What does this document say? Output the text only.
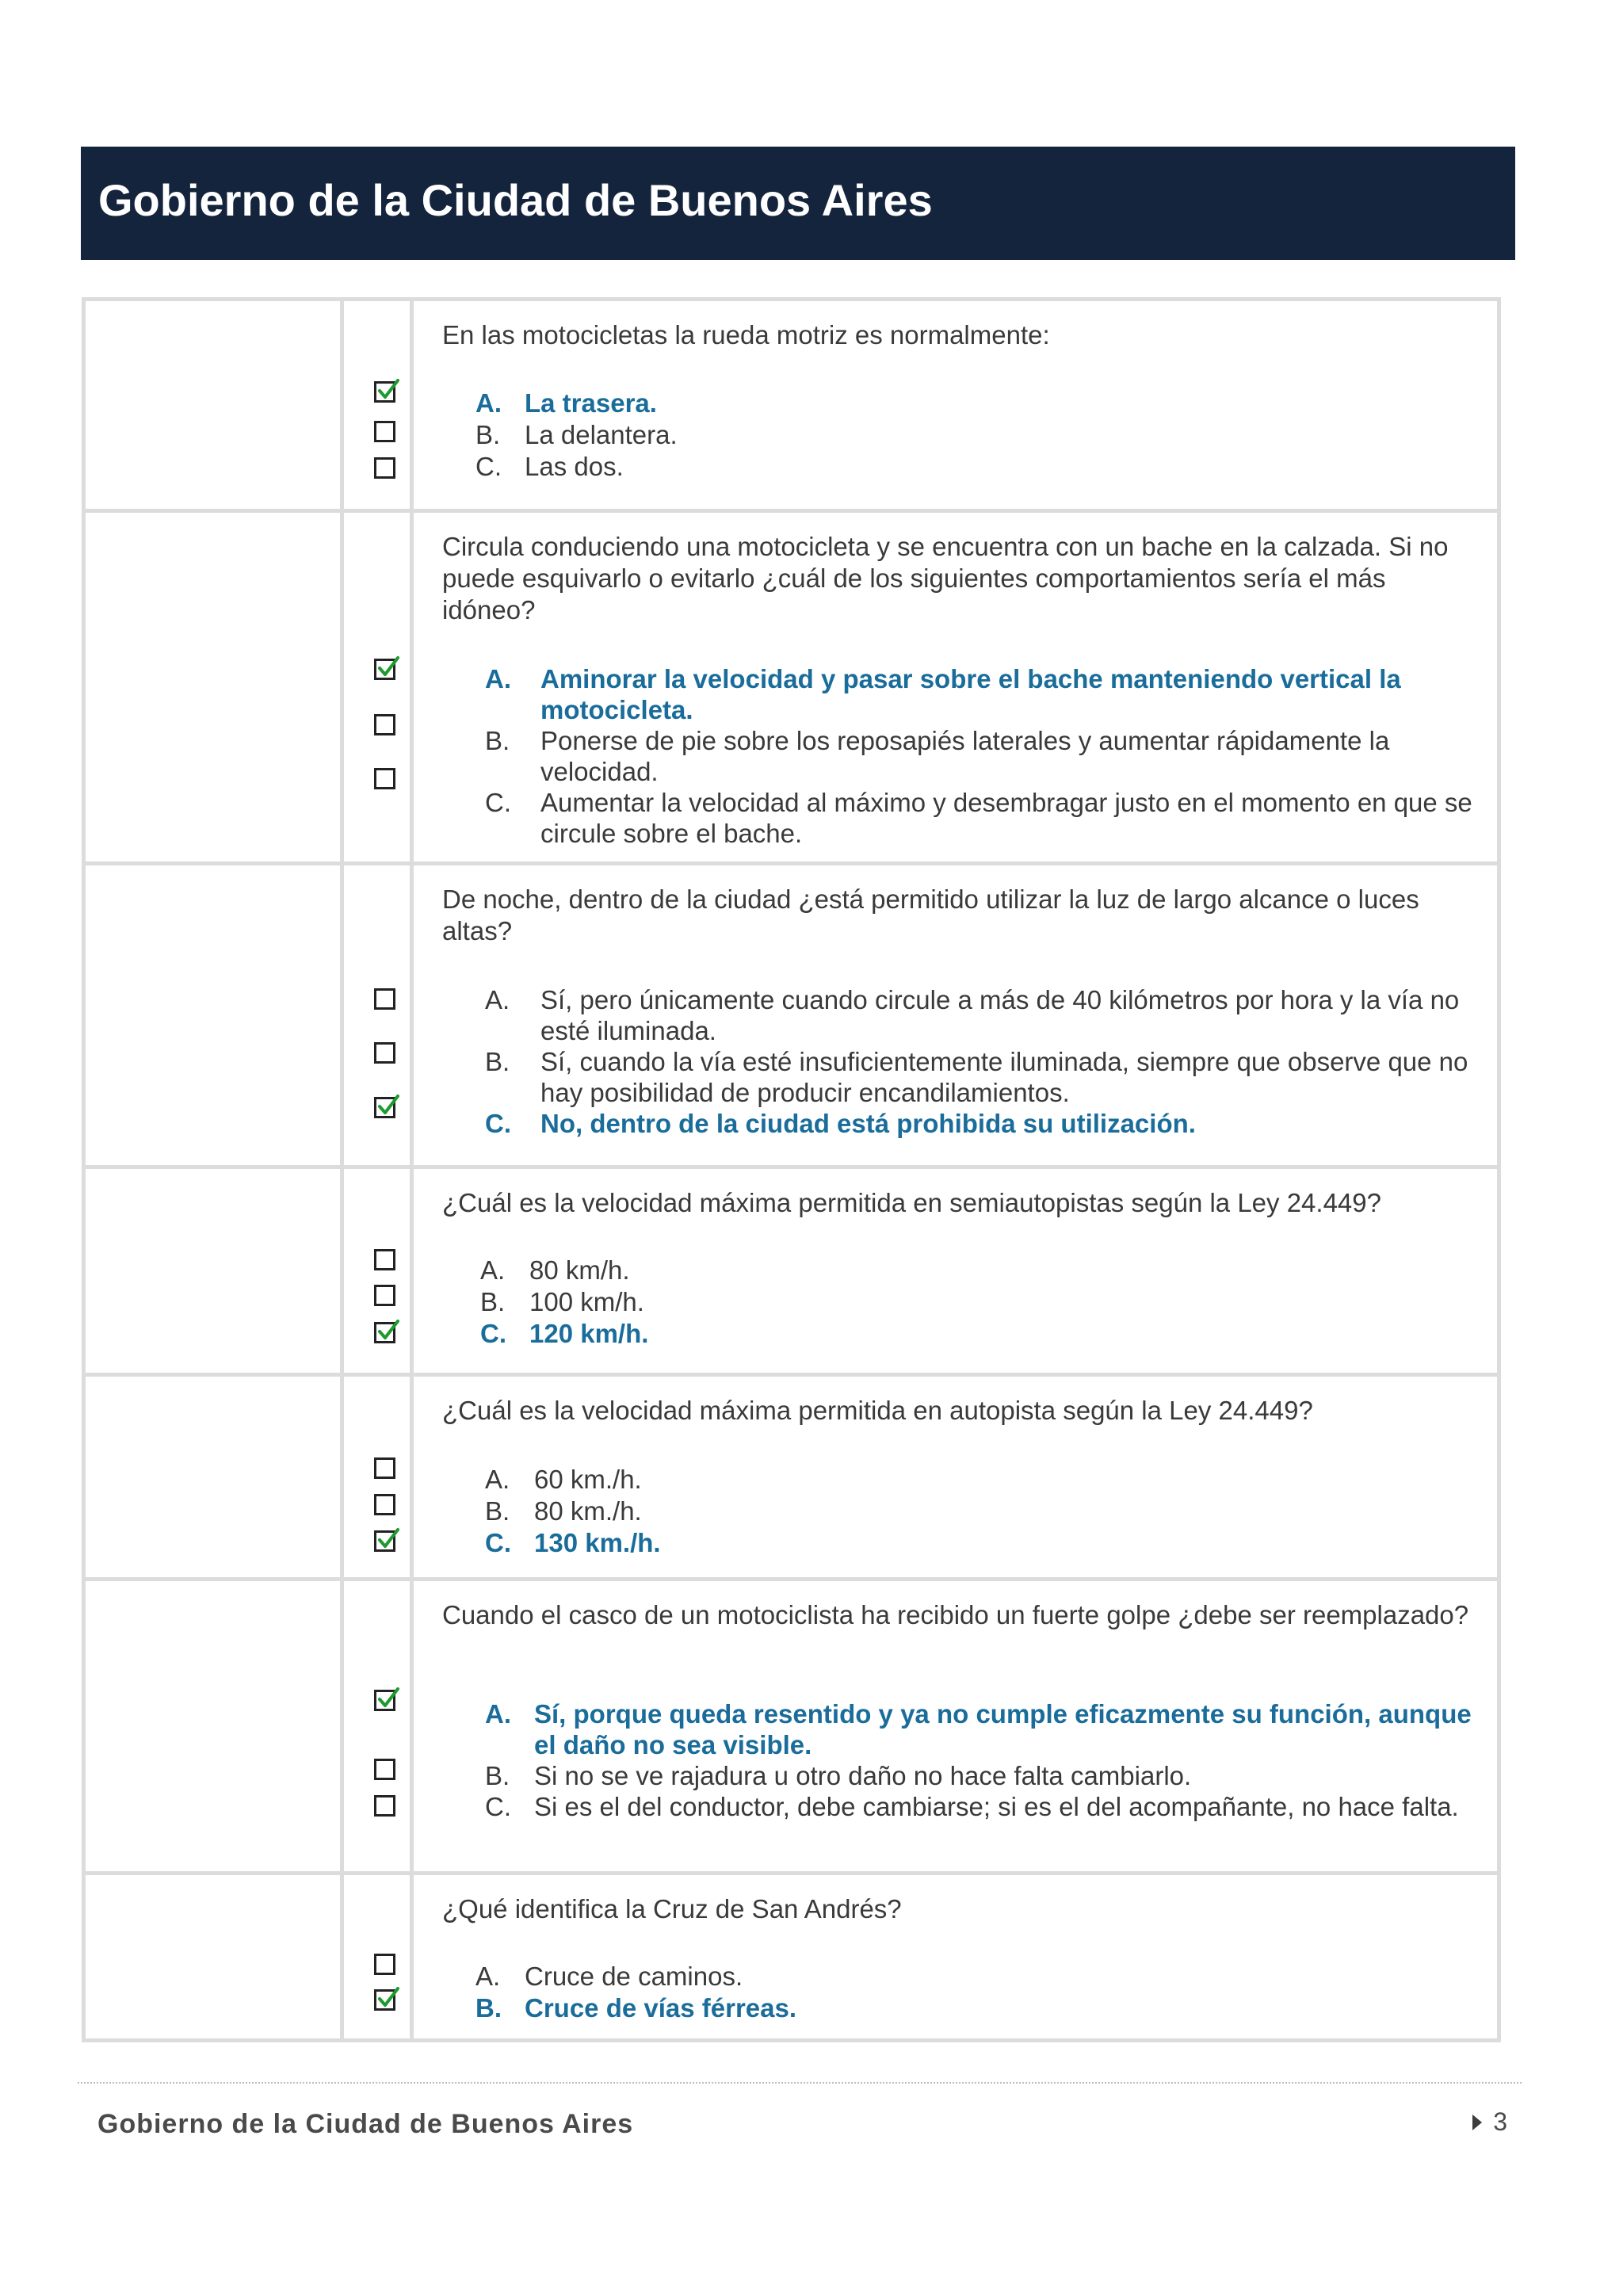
Gobierno de la Ciudad de Buenos Aires

En las motocicletas la rueda motriz es normalmente:

A. La trasera.
B. La delantera.
C. Las dos.

Circula conduciendo una motocicleta y se encuentra con un bache en la calzada. Si no puede esquivarlo o evitarlo ¿cuál de los siguientes comportamientos sería el más idóneo?

A.	Aminorar la velocidad y pasar sobre el bache manteniendo vertical la motocicleta.
B.	Ponerse de pie sobre los reposapiés laterales y aumentar rápidamente la velocidad.
C.	Aumentar la velocidad al máximo y desembragar justo en el momento en que se circule sobre el bache.

De noche, dentro de la ciudad ¿está permitido utilizar la luz de largo alcance o luces altas?

A.	Sí, pero únicamente cuando circule a más de 40 kilómetros por hora y la vía no esté iluminada.
B.	Sí, cuando la vía esté insuficientemente iluminada, siempre que observe que no hay posibilidad de producir encandilamientos.
C.	No, dentro de la ciudad está prohibida su utilización.

¿Cuál es la velocidad máxima permitida en semiautopistas según la Ley 24.449?

A. 80 km/h.
B. 100 km/h.
C. 120 km/h.

¿Cuál es la velocidad máxima permitida en autopista según la Ley 24.449?

A. 60 km./h.
B. 80 km./h.
C. 130 km./h.

Cuando el casco de un motociclista ha recibido un fuerte golpe ¿debe ser reemplazado?

A. Sí, porque queda resentido y ya no cumple eficazmente su función, aunque el daño no sea visible.
B. Si no se ve rajadura u otro daño no hace falta cambiarlo.
C. Si es el del conductor, debe cambiarse; si es el del acompañante, no hace falta.

¿Qué identifica la Cruz de San Andrés?

A. Cruce de caminos.
B. Cruce de vías férreas.

Gobierno de la Ciudad de Buenos Aires	3
